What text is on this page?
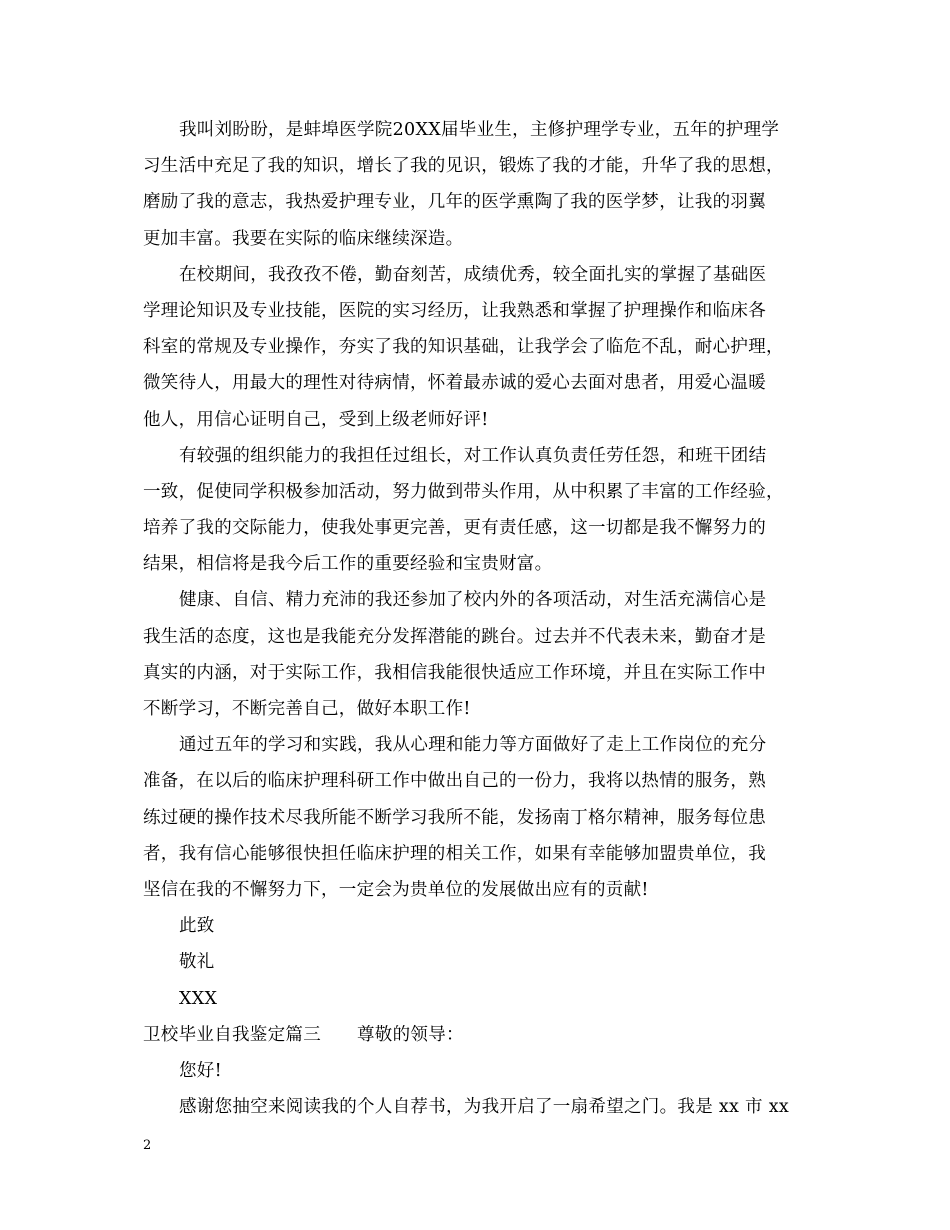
我叫刘盼盼，是蚌埠医学院20XX届毕业生，主修护理学专业，五年的护理学
习生活中充足了我的知识，增长了我的见识，锻炼了我的才能，升华了我的思想，
磨励了我的意志，我热爱护理专业，几年的医学熏陶了我的医学梦，让我的羽翼
更加丰富。我要在实际的临床继续深造。
在校期间，我孜孜不倦，勤奋刻苦，成绩优秀，较全面扎实的掌握了基础医
学理论知识及专业技能，医院的实习经历，让我熟悉和掌握了护理操作和临床各
科室的常规及专业操作，夯实了我的知识基础，让我学会了临危不乱，耐心护理，
微笑待人，用最大的理性对待病情，怀着最赤诚的爱心去面对患者，用爱心温暖
他人，用信心证明自己，受到上级老师好评!
有较强的组织能力的我担任过组长，对工作认真负责任劳任怨，和班干团结
一致，促使同学积极参加活动，努力做到带头作用，从中积累了丰富的工作经验，
培养了我的交际能力，使我处事更完善，更有责任感，这一切都是我不懈努力的
结果，相信将是我今后工作的重要经验和宝贵财富。
健康、自信、精力充沛的我还参加了校内外的各项活动，对生活充满信心是
我生活的态度，这也是我能充分发挥潜能的跳台。过去并不代表未来，勤奋才是
真实的内涵，对于实际工作，我相信我能很快适应工作环境，并且在实际工作中
不断学习，不断完善自己，做好本职工作!
通过五年的学习和实践，我从心理和能力等方面做好了走上工作岗位的充分
准备，在以后的临床护理科研工作中做出自己的一份力，我将以热情的服务，熟
练过硬的操作技术尽我所能不断学习我所不能，发扬南丁格尔精神，服务每位患
者，我有信心能够很快担任临床护理的相关工作，如果有幸能够加盟贵单位，我
坚信在我的不懈努力下，一定会为贵单位的发展做出应有的贡献!
此致
敬礼
XXX
卫校毕业自我鉴定篇三 尊敬的领导：
您好!
感谢您抽空来阅读我的个人自荐书，为我开启了一扇希望之门。我是 xx 市 xx
2
